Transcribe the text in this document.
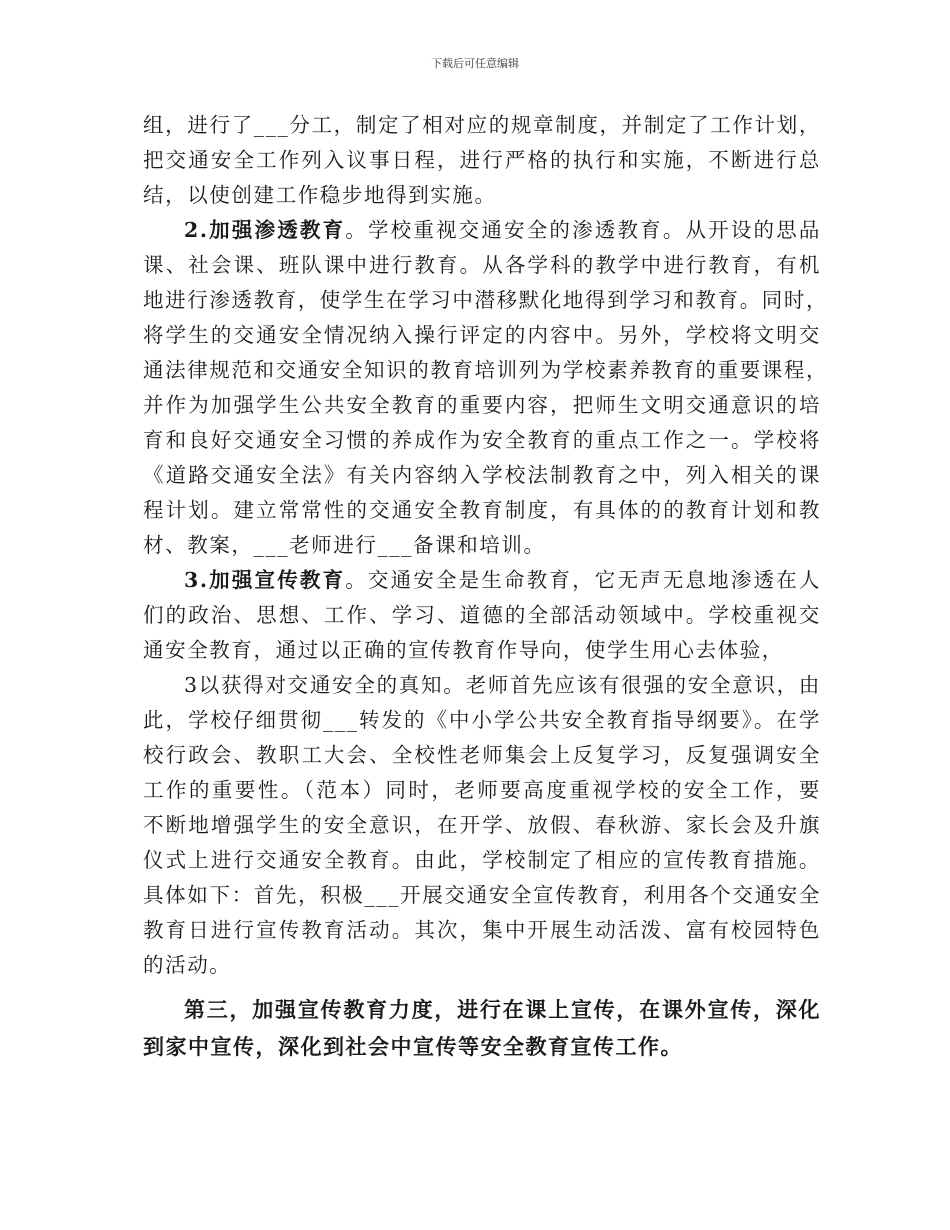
下载后可任意编辑
组，进行了___分工，制定了相对应的规章制度，并制定了工作计划，
把交通安全工作列入议事日程，进行严格的执行和实施，不断进行总
结，以使创建工作稳步地得到实施。
2.加强渗透教育。学校重视交通安全的渗透教育。从开设的思品
课、社会课、班队课中进行教育。从各学科的教学中进行教育，有机
地进行渗透教育，使学生在学习中潜移默化地得到学习和教育。同时，
将学生的交通安全情况纳入操行评定的内容中。另外，学校将文明交
通法律规范和交通安全知识的教育培训列为学校素养教育的重要课程，
并作为加强学生公共安全教育的重要内容，把师生文明交通意识的培
育和良好交通安全习惯的养成作为安全教育的重点工作之一。学校将
《道路交通安全法》有关内容纳入学校法制教育之中，列入相关的课
程计划。建立常常性的交通安全教育制度，有具体的的教育计划和教
材、教案，___老师进行___备课和培训。
3.加强宣传教育。交通安全是生命教育，它无声无息地渗透在人
们的政治、思想、工作、学习、道德的全部活动领域中。学校重视交
通安全教育，通过以正确的宣传教育作导向，使学生用心去体验，
3以获得对交通安全的真知。老师首先应该有很强的安全意识，由
此，学校仔细贯彻___转发的《中小学公共安全教育指导纲要》。在学
校行政会、教职工大会、全校性老师集会上反复学习，反复强调安全
工作的重要性。（范本）同时，老师要高度重视学校的安全工作，要
不断地增强学生的安全意识，在开学、放假、春秋游、家长会及升旗
仪式上进行交通安全教育。由此，学校制定了相应的宣传教育措施。
具体如下：首先，积极___开展交通安全宣传教育，利用各个交通安全
教育日进行宣传教育活动。其次，集中开展生动活泼、富有校园特色
的活动。
第三，加强宣传教育力度，进行在课上宣传，在课外宣传，深化
到家中宣传，深化到社会中宣传等安全教育宣传工作。
